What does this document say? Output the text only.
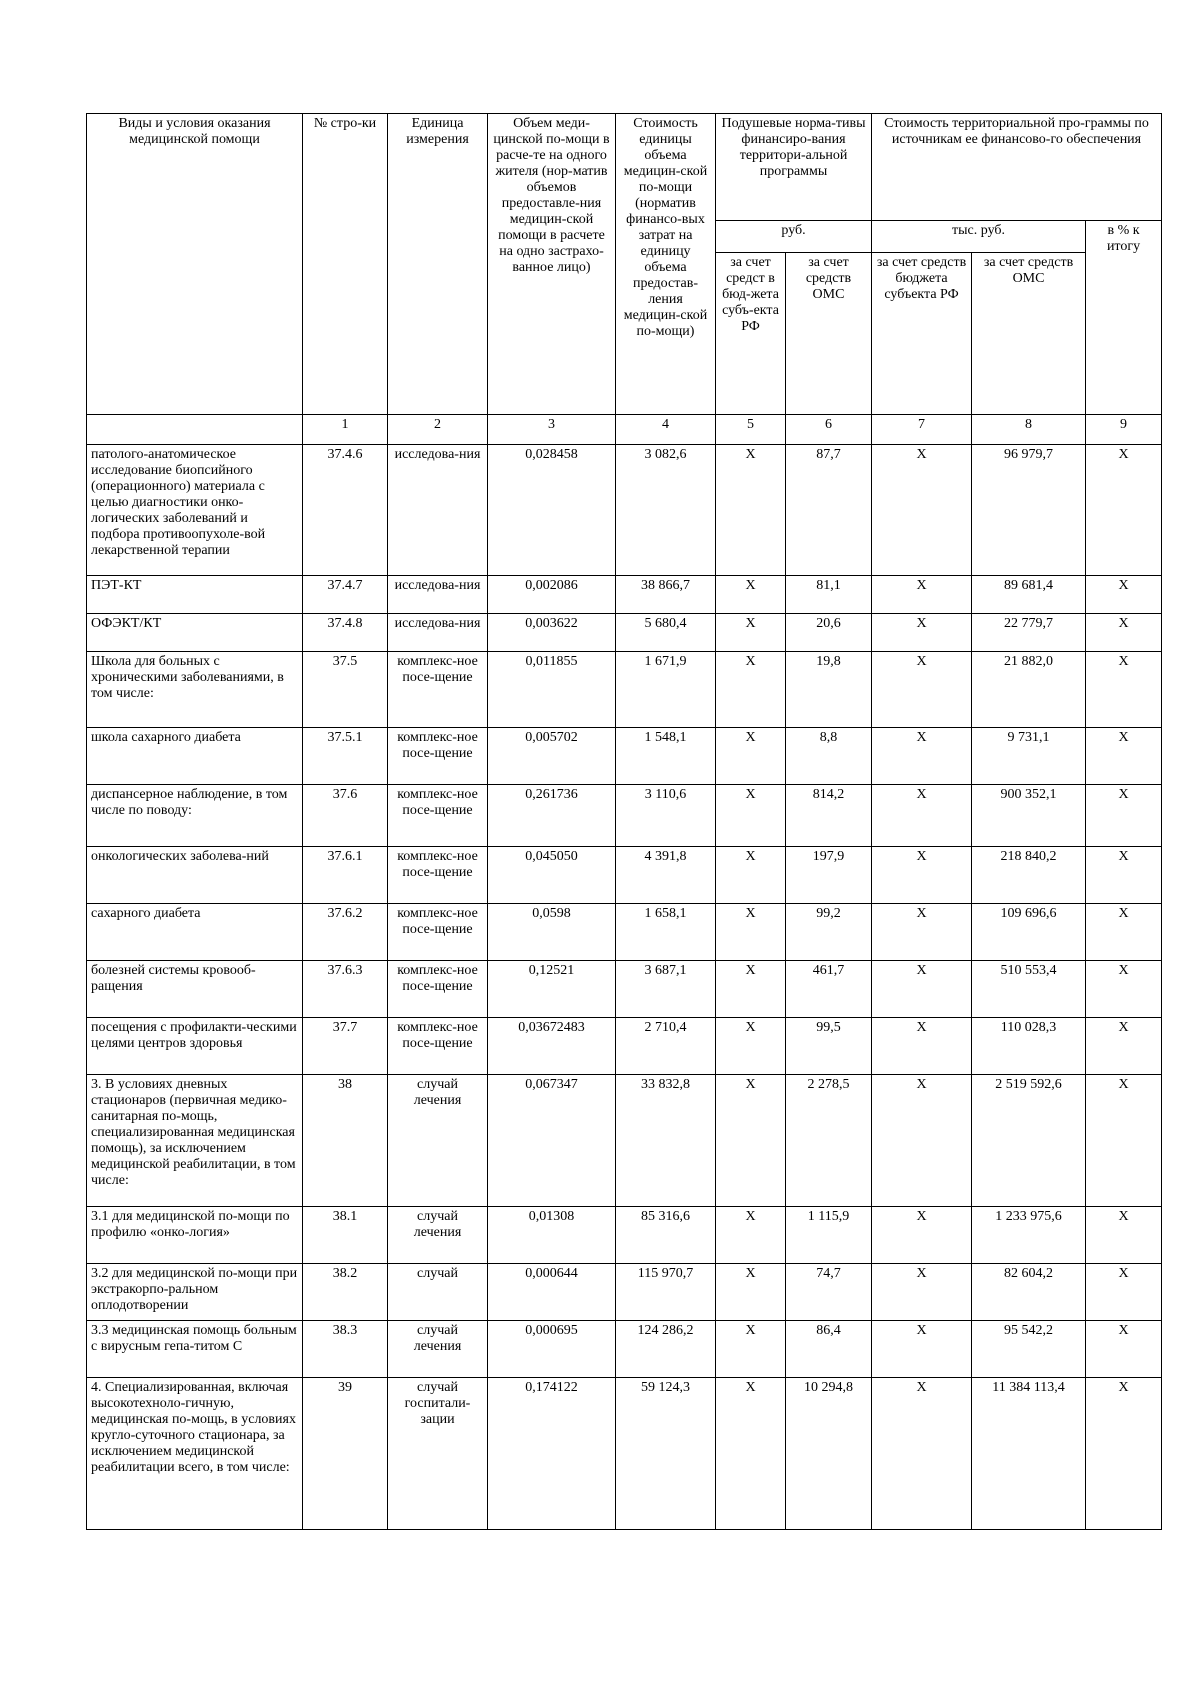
Виды и условия оказания медицинской помощи	№ стро-ки	Единица измерения	Объем меди-цинской по-мощи в расче-те на одного жителя (нор-матив объемов предоставле-ния медицин-ской помощи в расчете на одно застрахо-ванное лицо)	Стоимость единицы объема медицин-ской по-мощи (норматив финансо-вых затрат на единицу объема предостав-ления медицин-ской по-мощи)	Подушевые норма-тивы финансиро-вания территори-альной программы		Стоимость территориальной про-граммы по источникам ее финансово-го обеспечения		
					руб.		тыс. руб.		в % к итогу
					за счет средст в бюд-жета субъ-екта РФ	за счет средств ОМС	за счет средств бюджета субъекта РФ	за счет средств ОМС	
	1	2	3	4	5	6	7	8	9
патолого-анатомическое исследование биопсийного (операционного) материала с целью диагностики онко-логических заболеваний и подбора противоопухоле-вой лекарственной терапии	37.4.6	исследова-ния	0,028458	3 082,6	Х	87,7	Х	96 979,7	Х
ПЭТ-КТ	37.4.7	исследова-ния	0,002086	38 866,7	Х	81,1	Х	89 681,4	Х
ОФЭКТ/КТ	37.4.8	исследова-ния	0,003622	5 680,4	Х	20,6	Х	22 779,7	Х
Школа для больных с хроническими заболеваниями, в том числе:	37.5	комплекс-ное посе-щение	0,011855	1 671,9	Х	19,8	Х	21 882,0	Х
школа сахарного диабета	37.5.1	комплекс-ное посе-щение	0,005702	1 548,1	Х	8,8	Х	9 731,1	Х
диспансерное наблюдение, в том числе по поводу:	37.6	комплекс-ное посе-щение	0,261736	3 110,6	Х	814,2	Х	900 352,1	Х
онкологических заболева-ний	37.6.1	комплекс-ное посе-щение	0,045050	4 391,8	Х	197,9	Х	218 840,2	Х
сахарного диабета	37.6.2	комплекс-ное посе-щение	0,0598	1 658,1	Х	99,2	Х	109 696,6	Х
болезней системы кровооб-ращения	37.6.3	комплекс-ное посе-щение	0,12521	3 687,1	Х	461,7	Х	510 553,4	Х
посещения с профилакти-ческими целями центров здоровья	37.7	комплекс-ное посе-щение	0,03672483	2 710,4	Х	99,5	Х	110 028,3	Х
3. В условиях дневных стационаров (первичная медико-санитарная по-мощь, специализированная медицинская помощь), за исключением медицинской реабилитации, в том числе:	38	случай лечения	0,067347	33 832,8	Х	2 278,5	Х	2 519 592,6	Х
3.1 для медицинской по-мощи по профилю «онко-логия»	38.1	случай лечения	0,01308	85 316,6	Х	1 115,9	Х	1 233 975,6	Х
3.2 для медицинской по-мощи при экстракорпо-ральном оплодотворении	38.2	случай	0,000644	115 970,7	Х	74,7	Х	82 604,2	Х
3.3 медицинская помощь больным с вирусным гепа-титом С	38.3	случай лечения	0,000695	124 286,2	Х	86,4	Х	95 542,2	Х
4. Специализированная, включая высокотехноло-гичную, медицинская по-мощь, в условиях кругло-суточного стационара, за исключением медицинской реабилитации всего, в том числе:	39	случай госпитали-зации	0,174122	59 124,3	Х	10 294,8	Х	11 384 113,4	Х
